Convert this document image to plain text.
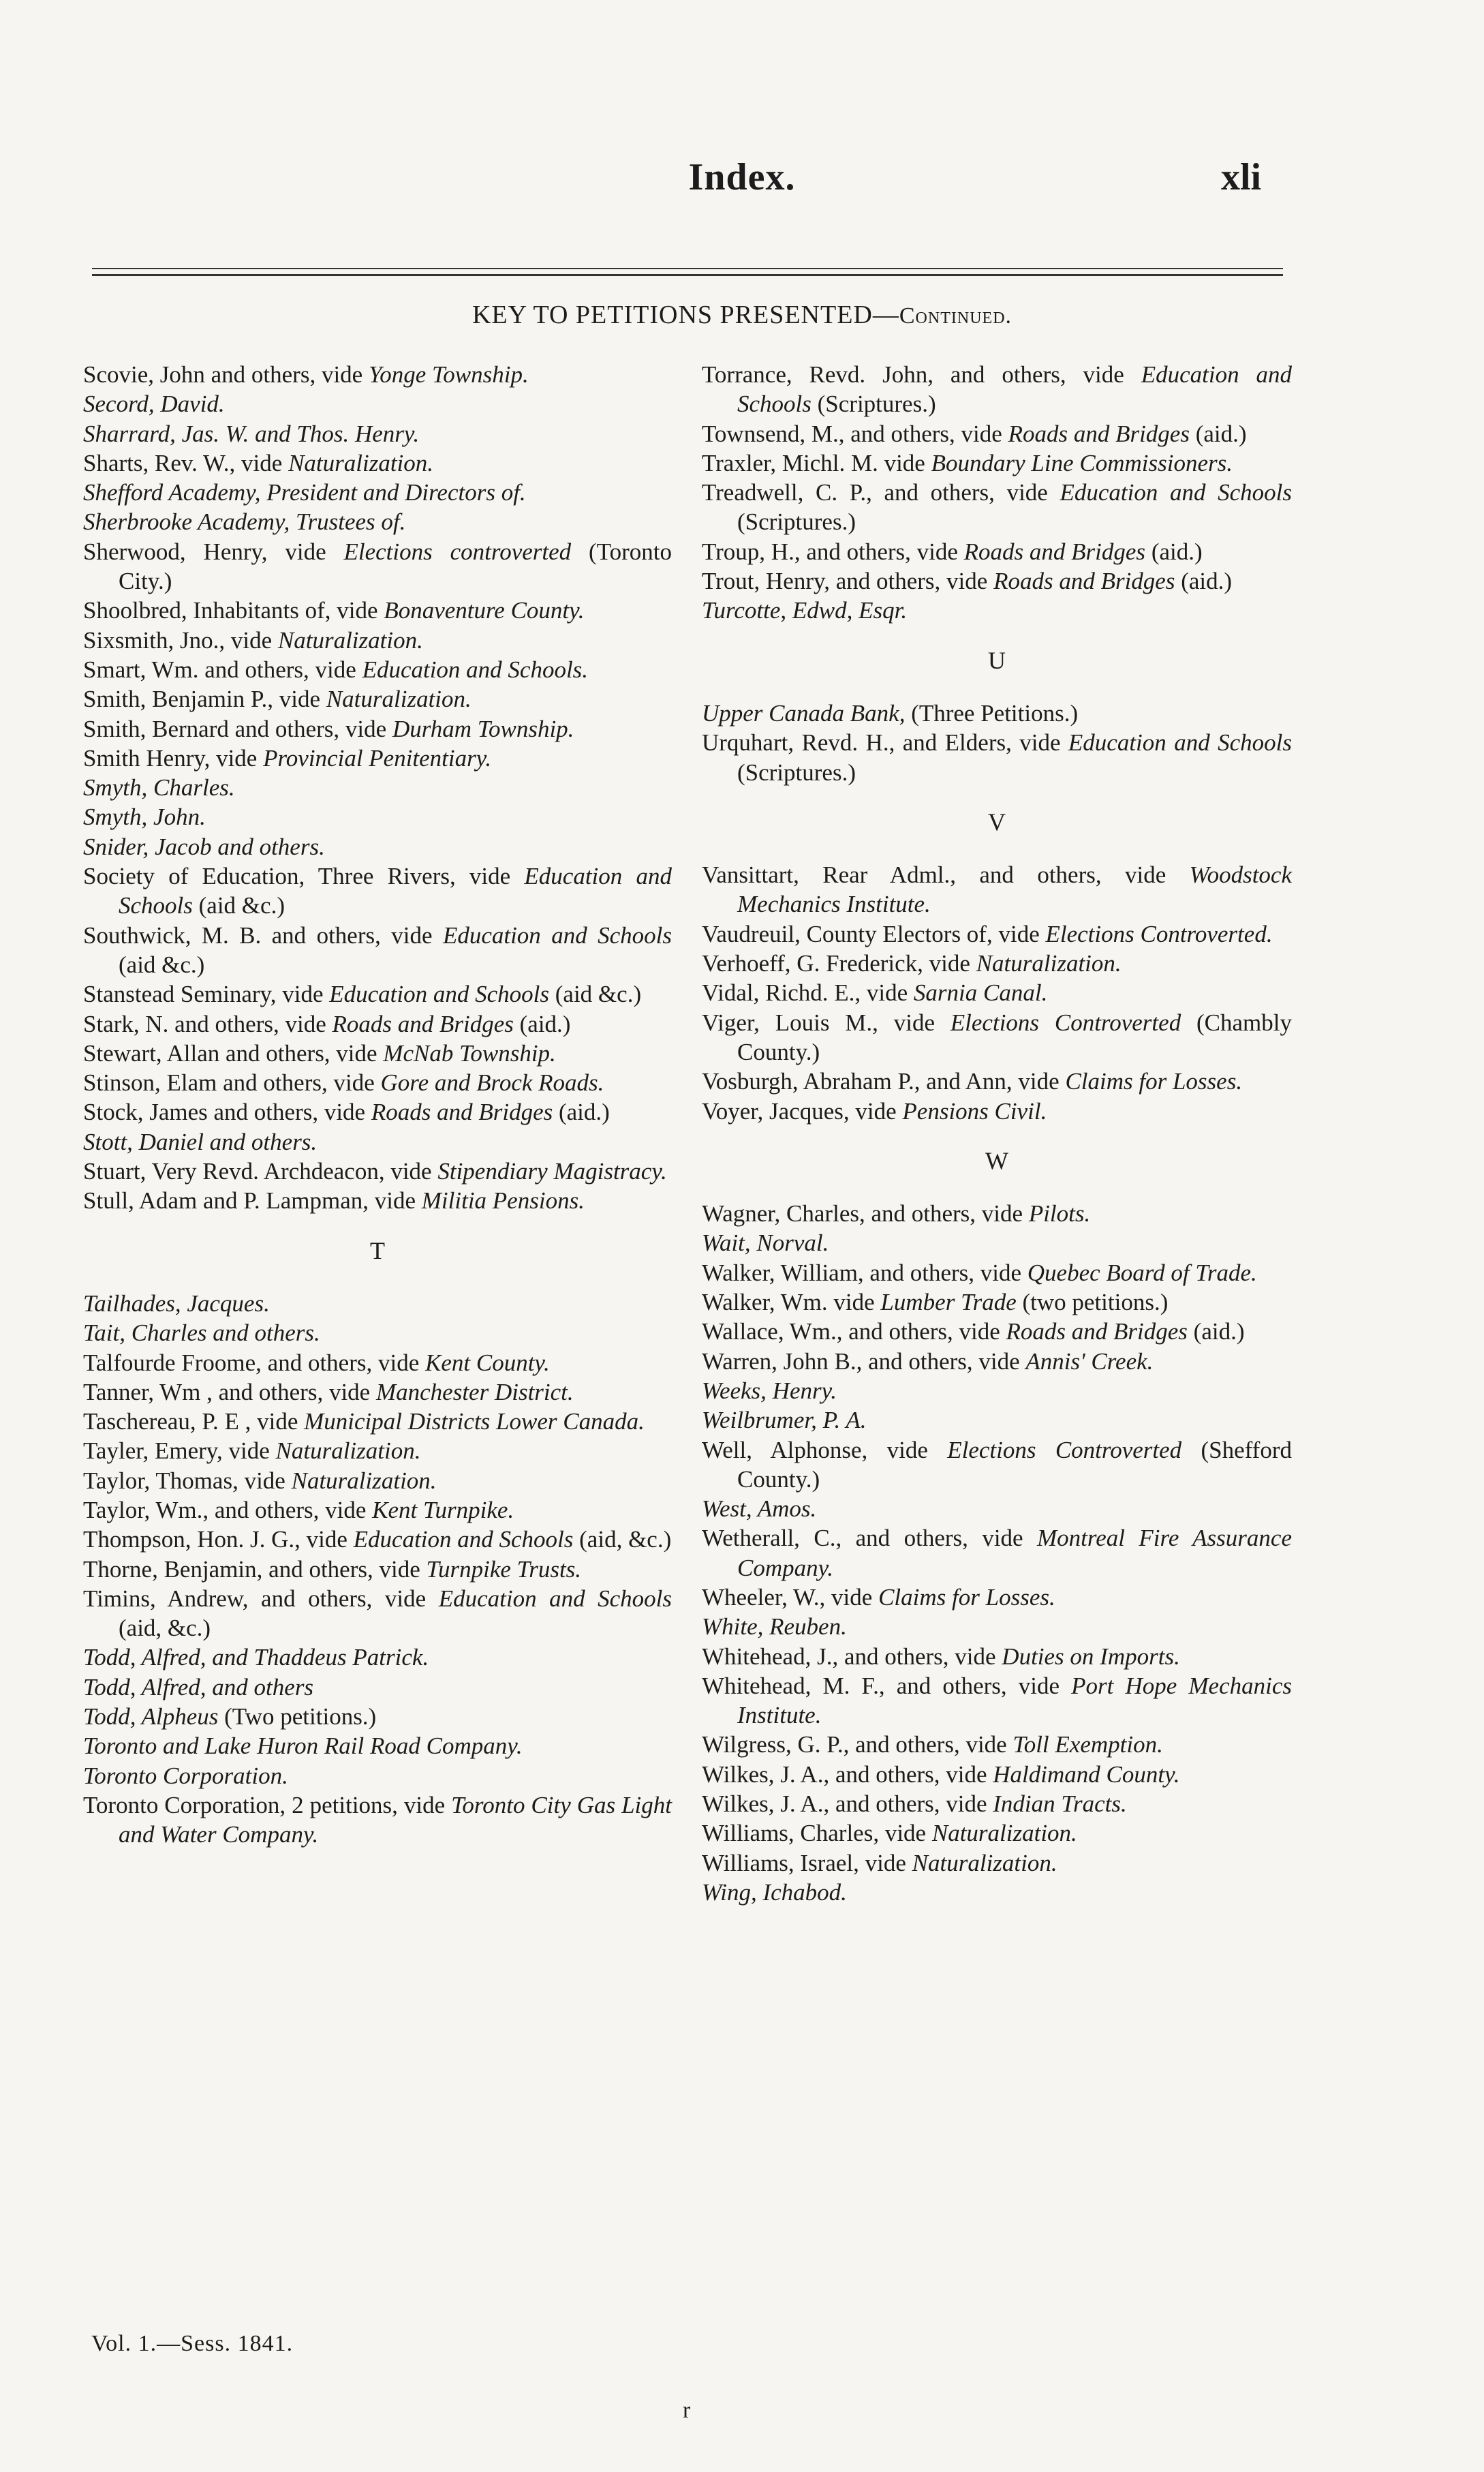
Index.	xli
KEY TO PETITIONS PRESENTED—Continued.
Scovie, John and others, vide Yonge Township.
Secord, David.
Sharrard, Jas. W. and Thos. Henry.
Sharts, Rev. W., vide Naturalization.
Shefford Academy, President and Directors of.
Sherbrooke Academy, Trustees of.
Sherwood, Henry, vide Elections controverted (Toronto City.)
Shoolbred, Inhabitants of, vide Bonaventure County.
Sixsmith, Jno., vide Naturalization.
Smart, Wm. and others, vide Education and Schools.
Smith, Benjamin P., vide Naturalization.
Smith, Bernard and others, vide Durham Township.
Smith Henry, vide Provincial Penitentiary.
Smyth, Charles.
Smyth, John.
Snider, Jacob and others.
Society of Education, Three Rivers, vide Education and Schools (aid &c.)
Southwick, M. B. and others, vide Education and Schools (aid &c.)
Stanstead Seminary, vide Education and Schools (aid &c.)
Stark, N. and others, vide Roads and Bridges (aid.)
Stewart, Allan and others, vide McNab Township.
Stinson, Elam and others, vide Gore and Brock Roads.
Stock, James and others, vide Roads and Bridges (aid.)
Stott, Daniel and others.
Stuart, Very Revd. Archdeacon, vide Stipendiary Magistracy.
Stull, Adam and P. Lampman, vide Militia Pensions.
T
Tailhades, Jacques.
Tait, Charles and others.
Talfourde Froome, and others, vide Kent County.
Tanner, Wm , and others, vide Manchester District.
Taschereau, P. E , vide Municipal Districts Lower Canada.
Tayler, Emery, vide Naturalization.
Taylor, Thomas, vide Naturalization.
Taylor, Wm., and others, vide Kent Turnpike.
Thompson, Hon. J. G., vide Education and Schools (aid, &c.)
Thorne, Benjamin, and others, vide Turnpike Trusts.
Timins, Andrew, and others, vide Education and Schools (aid, &c.)
Todd, Alfred, and Thaddeus Patrick.
Todd, Alfred, and others
Todd, Alpheus (Two petitions.)
Toronto and Lake Huron Rail Road Company.
Toronto Corporation.
Toronto Corporation, 2 petitions, vide Toronto City Gas Light and Water Company.
Torrance, Revd. John, and others, vide Education and Schools (Scriptures.)
Townsend, M., and others, vide Roads and Bridges (aid.)
Traxler, Michl. M. vide Boundary Line Commissioners.
Treadwell, C. P., and others, vide Education and Schools (Scriptures.)
Troup, H., and others, vide Roads and Bridges (aid.)
Trout, Henry, and others, vide Roads and Bridges (aid.)
Turcotte, Edwd, Esqr.
U
Upper Canada Bank, (Three Petitions.)
Urquhart, Revd. H., and Elders, vide Education and Schools (Scriptures.)
V
Vansittart, Rear Adml., and others, vide Woodstock Mechanics Institute.
Vaudreuil, County Electors of, vide Elections Controverted.
Verhoeff, G. Frederick, vide Naturalization.
Vidal, Richd. E., vide Sarnia Canal.
Viger, Louis M., vide Elections Controverted (Chambly County.)
Vosburgh, Abraham P., and Ann, vide Claims for Losses.
Voyer, Jacques, vide Pensions Civil.
W
Wagner, Charles, and others, vide Pilots.
Wait, Norval.
Walker, William, and others, vide Quebec Board of Trade.
Walker, Wm. vide Lumber Trade (two petitions.)
Wallace, Wm., and others, vide Roads and Bridges (aid.)
Warren, John B., and others, vide Annis' Creek.
Weeks, Henry.
Weilbrumer, P. A.
Well, Alphonse, vide Elections Controverted (Shefford County.)
West, Amos.
Wetherall, C., and others, vide Montreal Fire Assurance Company.
Wheeler, W., vide Claims for Losses.
White, Reuben.
Whitehead, J., and others, vide Duties on Imports.
Whitehead, M. F., and others, vide Port Hope Mechanics Institute.
Wilgress, G. P., and others, vide Toll Exemption.
Wilkes, J. A., and others, vide Haldimand County.
Wilkes, J. A., and others, vide Indian Tracts.
Williams, Charles, vide Naturalization.
Williams, Israel, vide Naturalization.
Wing, Ichabod.
Vol. 1.—Sess. 1841.
r
